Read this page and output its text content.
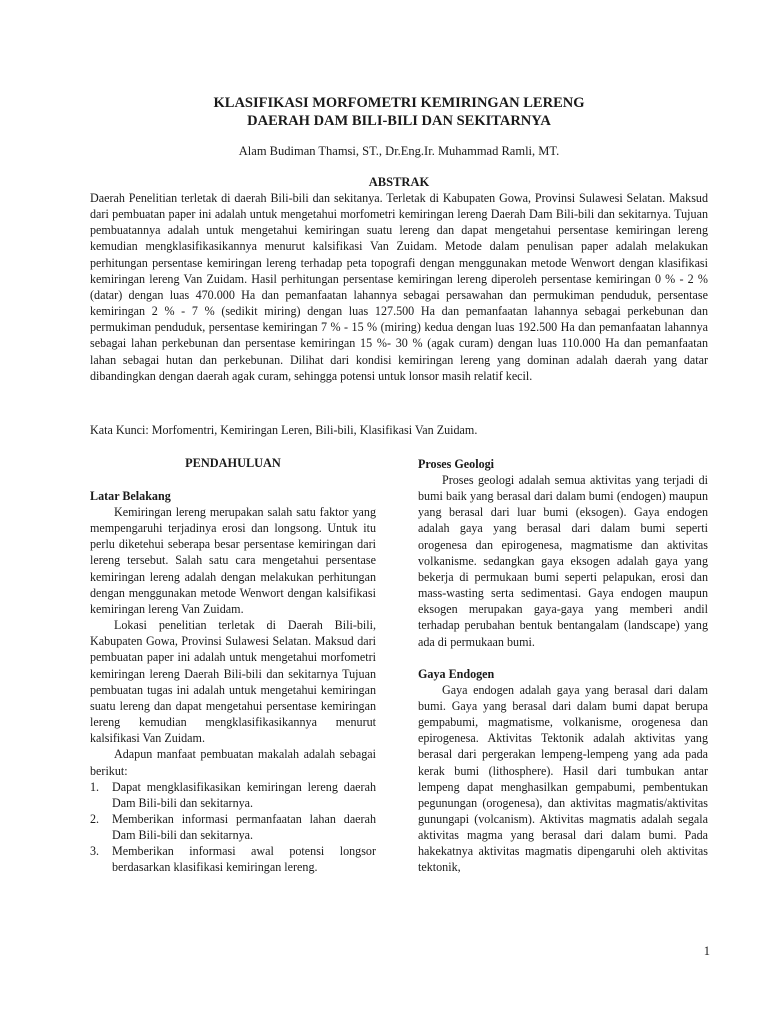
KLASIFIKASI MORFOMETRI KEMIRINGAN LERENG
DAERAH DAM BILI-BILI DAN SEKITARNYA
Alam Budiman Thamsi, ST., Dr.Eng.Ir. Muhammad Ramli, MT.
ABSTRAK

Daerah Penelitian terletak di daerah Bili-bili dan sekitanya. Terletak di Kabupaten Gowa, Provinsi Sulawesi Selatan. Maksud dari pembuatan paper ini adalah untuk mengetahui morfometri kemiringan lereng Daerah Dam Bili-bili dan sekitarnya. Tujuan pembuatannya adalah untuk mengetahui kemiringan suatu lereng dan dapat mengetahui persentase kemiringan lereng kemudian mengklasifikasikannya menurut kalsifikasi Van Zuidam. Metode dalam penulisan paper adalah melakukan perhitungan persentase kemiringan lereng terhadap peta topografi dengan menggunakan metode Wenwort dengan klasifikasi kemiringan lereng Van Zuidam. Hasil perhitungan persentase kemiringan lereng diperoleh persentase kemiringan 0 % - 2 % (datar) dengan luas 470.000 Ha dan pemanfaatan lahannya sebagai persawahan dan permukiman penduduk, persentase kemiringan 2 % - 7 % (sedikit miring) dengan luas 127.500 Ha dan pemanfaatan lahannya sebagai perkebunan dan permukiman penduduk, persentase kemiringan 7 % - 15 % (miring) kedua dengan luas 192.500 Ha dan pemanfaatan lahannya sebagai lahan perkebunan dan persentase kemiringan 15 %- 30 % (agak curam) dengan luas 110.000 Ha dan pemanfaatan lahan sebagai hutan dan perkebunan. Dilihat dari kondisi kemiringan lereng yang dominan adalah daerah yang datar dibandingkan dengan daerah agak curam, sehingga potensi untuk lonsor masih relatif kecil.

Kata Kunci: Morfomentri, Kemiringan Leren, Bili-bili, Klasifikasi Van Zuidam.

PENDAHULUAN
Latar Belakang

Kemiringan lereng merupakan salah satu faktor yang mempengaruhi terjadinya erosi dan longsong. Untuk itu perlu diketehui seberapa besar persentase kemiringan dari lereng tersebut. Salah satu cara mengetahui persentase kemiringan lereng adalah dengan melakukan perhitungan dengan menggunakan metode Wenwort dengan kalsifikasi kemiringan lereng Van Zuidam.

Lokasi penelitian terletak di Daerah Bili-bili, Kabupaten Gowa, Provinsi Sulawesi Selatan. Maksud dari pembuatan paper ini adalah untuk mengetahui morfometri kemiringan lereng Daerah Bili-bili dan sekitarnya Tujuan pembuatan tugas ini adalah untuk mengetahui kemiringan suatu lereng dan dapat mengetahui persentase kemiringan lereng kemudian mengklasifikasikannya menurut kalsifikasi Van Zuidam.

Adapun manfaat pembuatan makalah adalah sebagai berikut:

1. Dapat mengklasifikasikan kemiringan lereng daerah Dam Bili-bili dan sekitarnya.
2. Memberikan informasi permanfaatan lahan daerah Dam Bili-bili dan sekitarnya.
3. Memberikan informasi awal potensi longsor berdasarkan klasifikasi kemiringan lereng.
Proses Geologi

Proses geologi adalah semua aktivitas yang terjadi di bumi baik yang berasal dari dalam bumi (endogen) maupun yang berasal dari luar bumi (eksogen). Gaya endogen adalah gaya yang berasal dari dalam bumi seperti orogenesa dan epirogenesa, magmatisme dan aktivitas volkanisme. sedangkan gaya eksogen adalah gaya yang bekerja di permukaan bumi seperti pelapukan, erosi dan mass-wasting serta sedimentasi. Gaya endogen maupun eksogen merupakan gaya-gaya yang memberi andil terhadap perubahan bentuk bentangalam (landscape) yang ada di permukaan bumi.

Gaya Endogen

Gaya endogen adalah gaya yang berasal dari dalam bumi. Gaya yang berasal dari dalam bumi dapat berupa gempabumi, magmatisme, volkanisme, orogenesa dan epirogenesa. Aktivitas Tektonik adalah aktivitas yang berasal dari pergerakan lempeng-lempeng yang ada pada kerak bumi (lithosphere). Hasil dari tumbukan antar lempeng dapat menghasilkan gempabumi, pembentukan pegunungan (orogenesa), dan aktivitas magmatis/aktivitas gunungapi (volcanism). Aktivitas magmatis adalah segala aktivitas magma yang berasal dari dalam bumi. Pada hakekatnya aktivitas magmatis dipengaruhi oleh aktivitas tektonik,

1
